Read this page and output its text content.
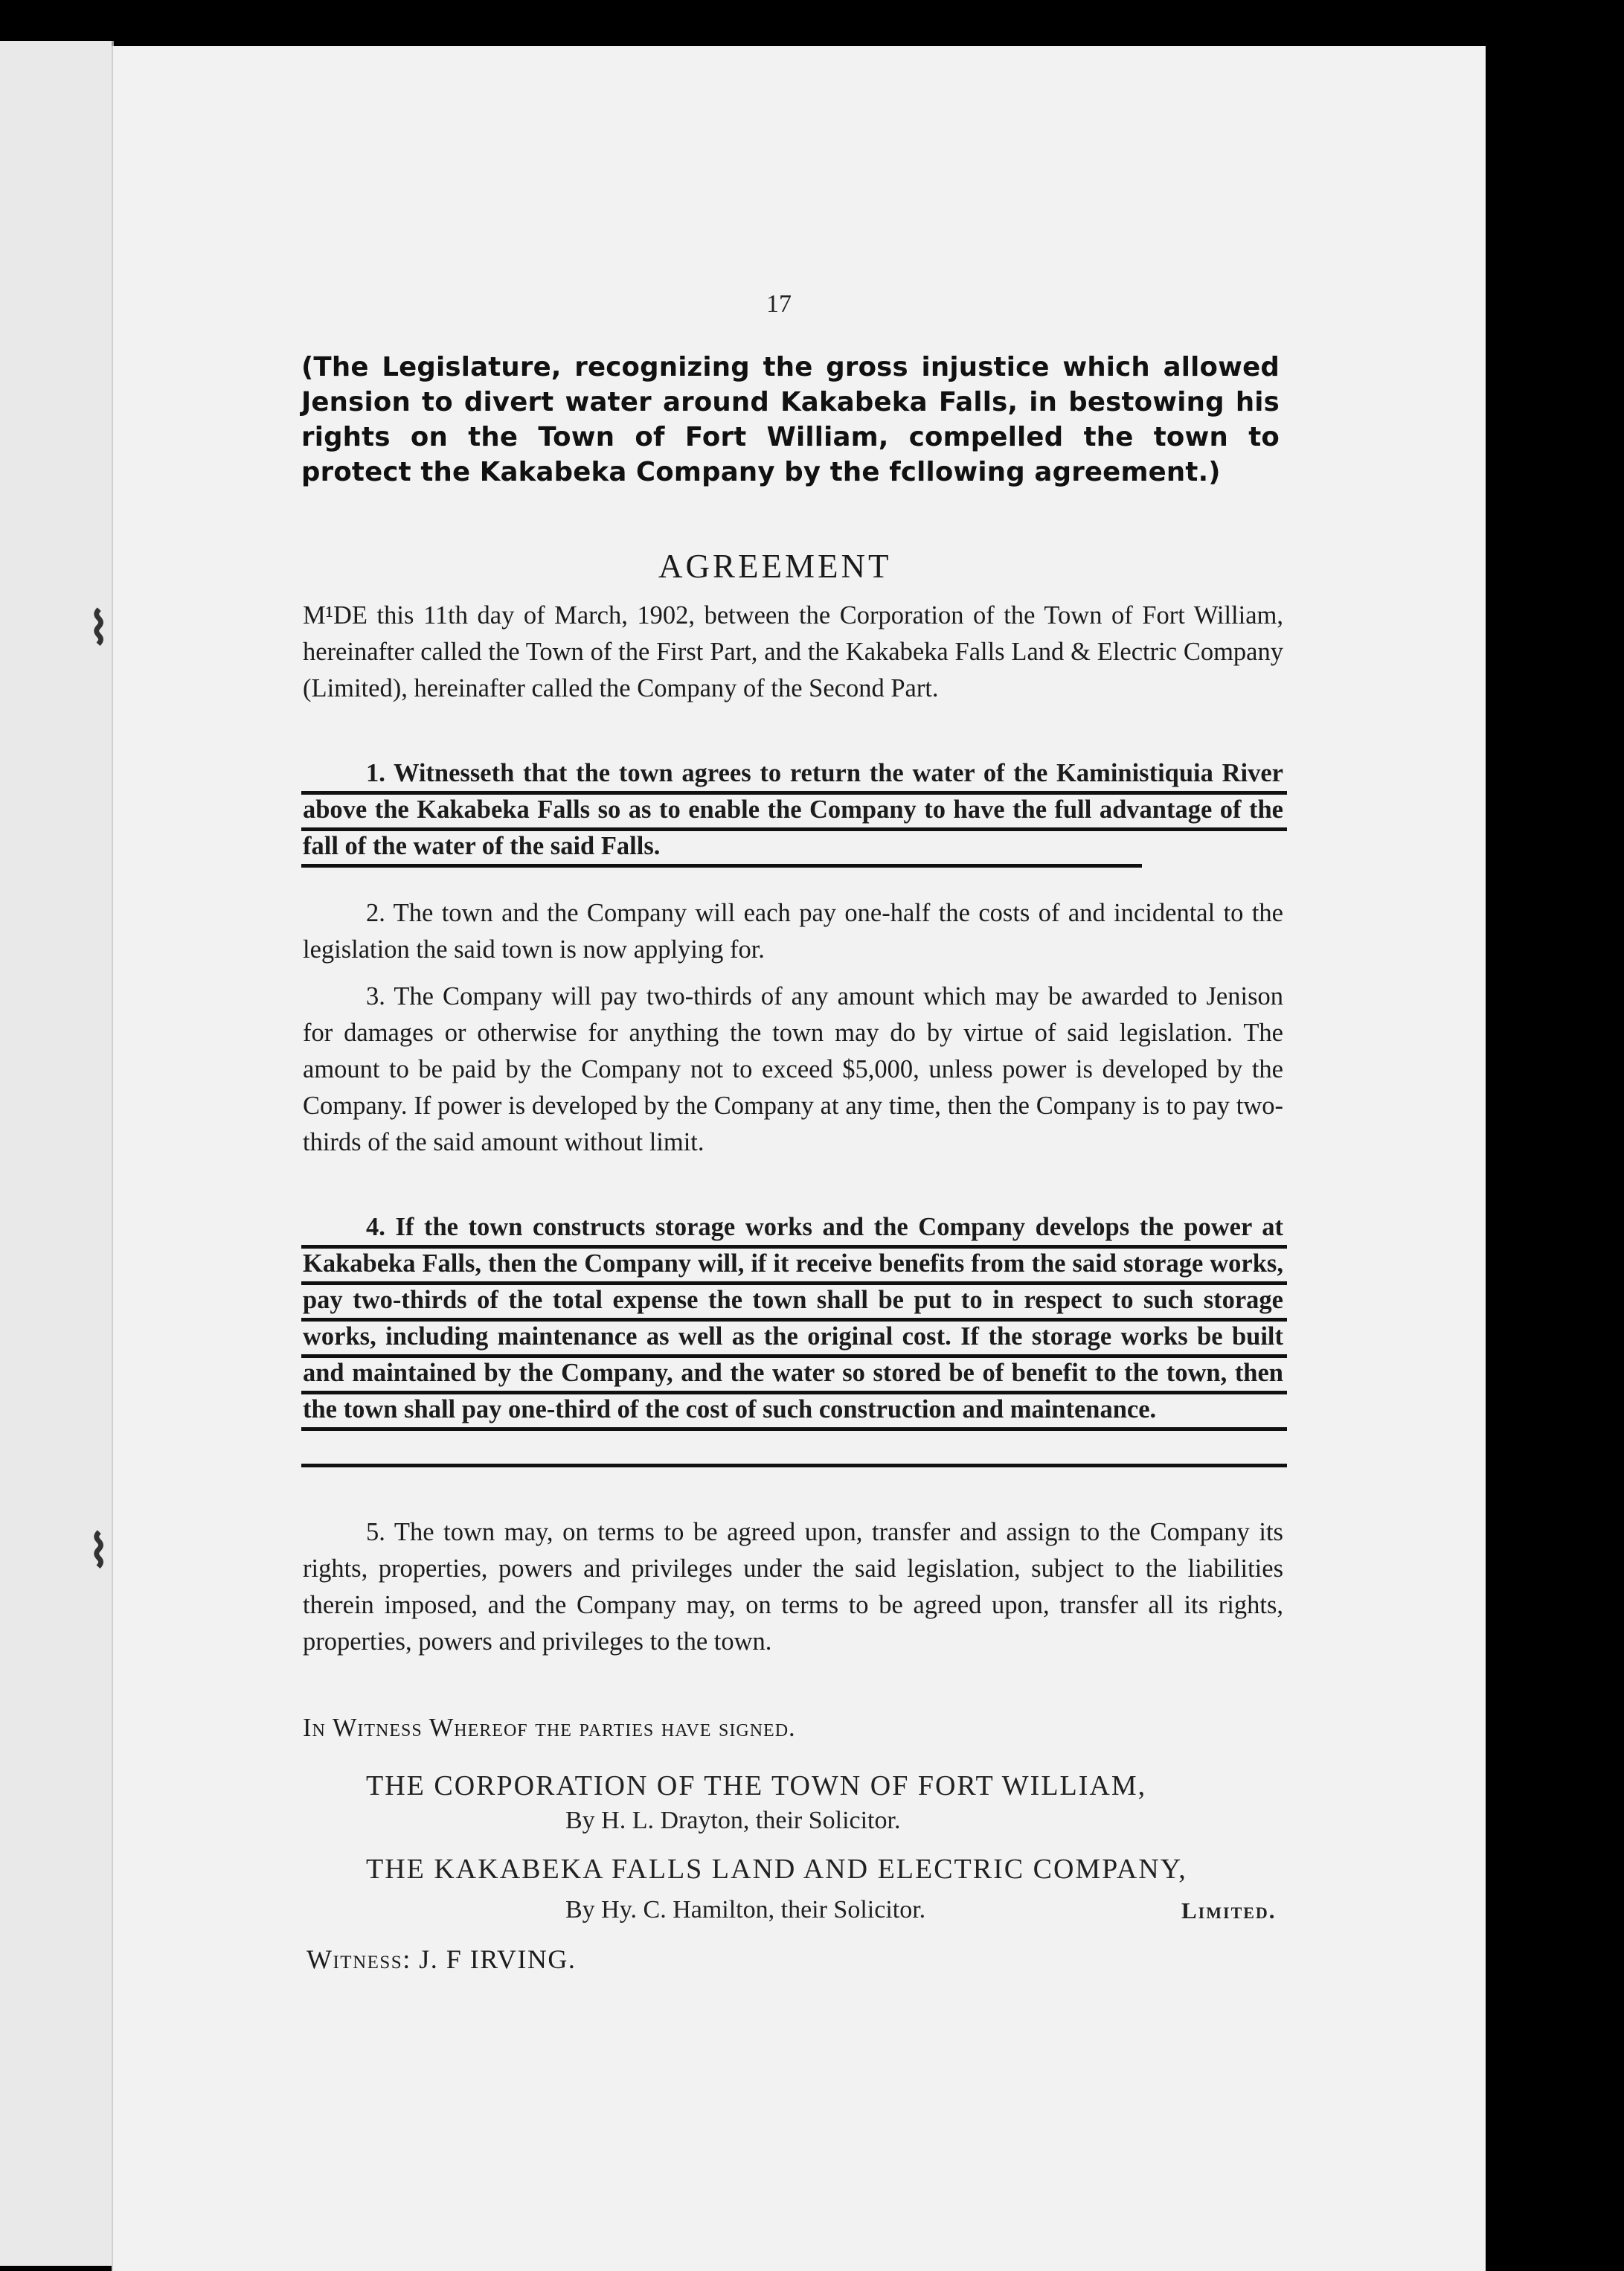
⌇
⌇
17
(The Legislature, recognizing the gross injustice which allowed Jension to divert water around Kakabeka Falls, in bestowing his rights on the Town of Fort William, compelled the town to protect the Kakabeka Company by the fcllowing agreement.)
AGREEMENT
M¹DE this 11th day of March, 1902, between the Corporation of the Town of Fort William, hereinafter called the Town of the First Part, and the Kakabeka Falls Land & Electric Company (Limited), hereinafter called the Company of the Second Part.
1. Witnesseth that the town agrees to return the water of the Kaministiquia River above the Kakabeka Falls so as to enable the Company to have the full advantage of the fall of the water of the said Falls.
2. The town and the Company will each pay one-half the costs of and incidental to the legislation the said town is now applying for.
3. The Company will pay two-thirds of any amount which may be awarded to Jenison for damages or otherwise for anything the town may do by virtue of said legislation. The amount to be paid by the Company not to exceed $5,000, unless power is developed by the Company. If power is developed by the Company at any time, then the Company is to pay two-thirds of the said amount without limit.
4. If the town constructs storage works and the Company develops the power at Kakabeka Falls, then the Company will, if it receive benefits from the said storage works, pay two-thirds of the total expense the town shall be put to in respect to such storage works, including maintenance as well as the original cost. If the storage works be built and maintained by the Company, and the water so stored be of benefit to the town, then the town shall pay one-third of the cost of such construction and maintenance.
5. The town may, on terms to be agreed upon, transfer and assign to the Company its rights, properties, powers and privileges under the said legislation, subject to the liabilities therein imposed, and the Company may, on terms to be agreed upon, transfer all its rights, properties, powers and privileges to the town.
In Witness Whereof the parties have signed.
THE CORPORATION OF THE TOWN OF FORT WILLIAM,
By H. L. Drayton, their Solicitor.
THE KAKABEKA FALLS LAND AND ELECTRIC COMPANY,
By Hy. C. Hamilton, their Solicitor.	Limited.
Witness: J. F IRVING.
